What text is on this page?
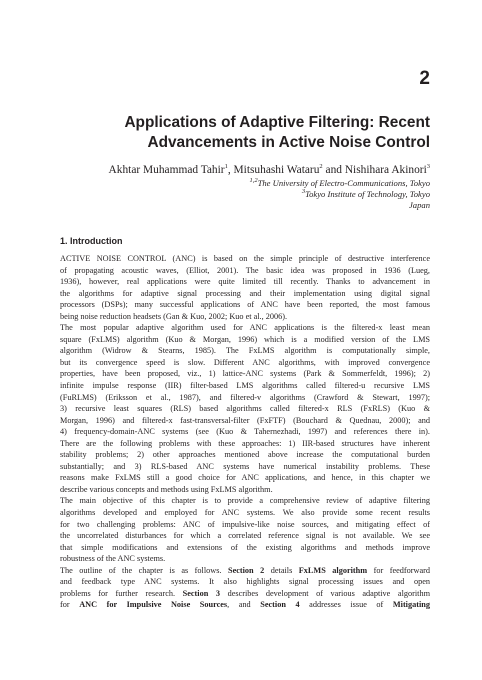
2
Applications of Adaptive Filtering: Recent
Advancements in Active Noise Control
Akhtar Muhammad Tahir$^1$, Mitsuhashi Wataru$^2$ and Nishihara Akinori$^3$
$^{1,2}$The University of Electro-Communications, Tokyo
$^3$Tokyo Institute of Technology, Tokyo
Japan
1. Introduction
ACTIVE NOISE CONTROL (ANC) is based on the simple principle of destructive interference
of propagating acoustic waves, (Elliot, 2001). The basic idea was proposed in 1936 (Lueg,
1936), however, real applications were quite limited till recently. Thanks to advancement in
the algorithms for adaptive signal processing and their implementation using digital signal
processors (DSPs); many successful applications of ANC have been reported, the most famous
being noise reduction headsets (Gan & Kuo, 2002; Kuo et al., 2006).
The most popular adaptive algorithm used for ANC applications is the filtered-x least mean
square (FxLMS) algorithm (Kuo & Morgan, 1996) which is a modified version of the LMS
algorithm (Widrow & Stearns, 1985). The FxLMS algorithm is computationally simple,
but its convergence speed is slow. Different ANC algorithms, with improved convergence
properties, have been proposed, viz., 1) lattice-ANC systems (Park & Sommerfeldt, 1996); 2)
infinite impulse response (IIR) filter-based LMS algorithms called filtered-u recursive LMS
(FuRLMS) (Eriksson et al., 1987), and filtered-v algorithms (Crawford & Stewart, 1997);
3) recursive least squares (RLS) based algorithms called filtered-x RLS (FxRLS) (Kuo &
Morgan, 1996) and filtered-x fast-transversal-filter (FxFTF) (Bouchard & Quednau, 2000); and
4) frequency-domain-ANC systems (see (Kuo & Tahernezhadi, 1997) and references there in).
There are the following problems with these approaches: 1) IIR-based structures have inherent
stability problems; 2) other approaches mentioned above increase the computational burden
substantially; and 3) RLS-based ANC systems have numerical instability problems. These
reasons make FxLMS still a good choice for ANC applications, and hence, in this chapter we
describe various concepts and methods using FxLMS algorithm.
The main objective of this chapter is to provide a comprehensive review of adaptive filtering
algorithms developed and employed for ANC systems. We also provide some recent results
for two challenging problems: ANC of impulsive-like noise sources, and mitigating effect of
the uncorrelated disturbances for which a correlated reference signal is not available. We see
that simple modifications and extensions of the existing algorithms and methods improve
robustness of the ANC systems.
The outline of the chapter is as follows. Section 2 details FxLMS algorithm for feedforward
and feedback type ANC systems. It also highlights signal processing issues and open
problems for further research. Section 3 describes development of various adaptive algorithm
for ANC for Impulsive Noise Sources, and Section 4 addresses issue of Mitigating
